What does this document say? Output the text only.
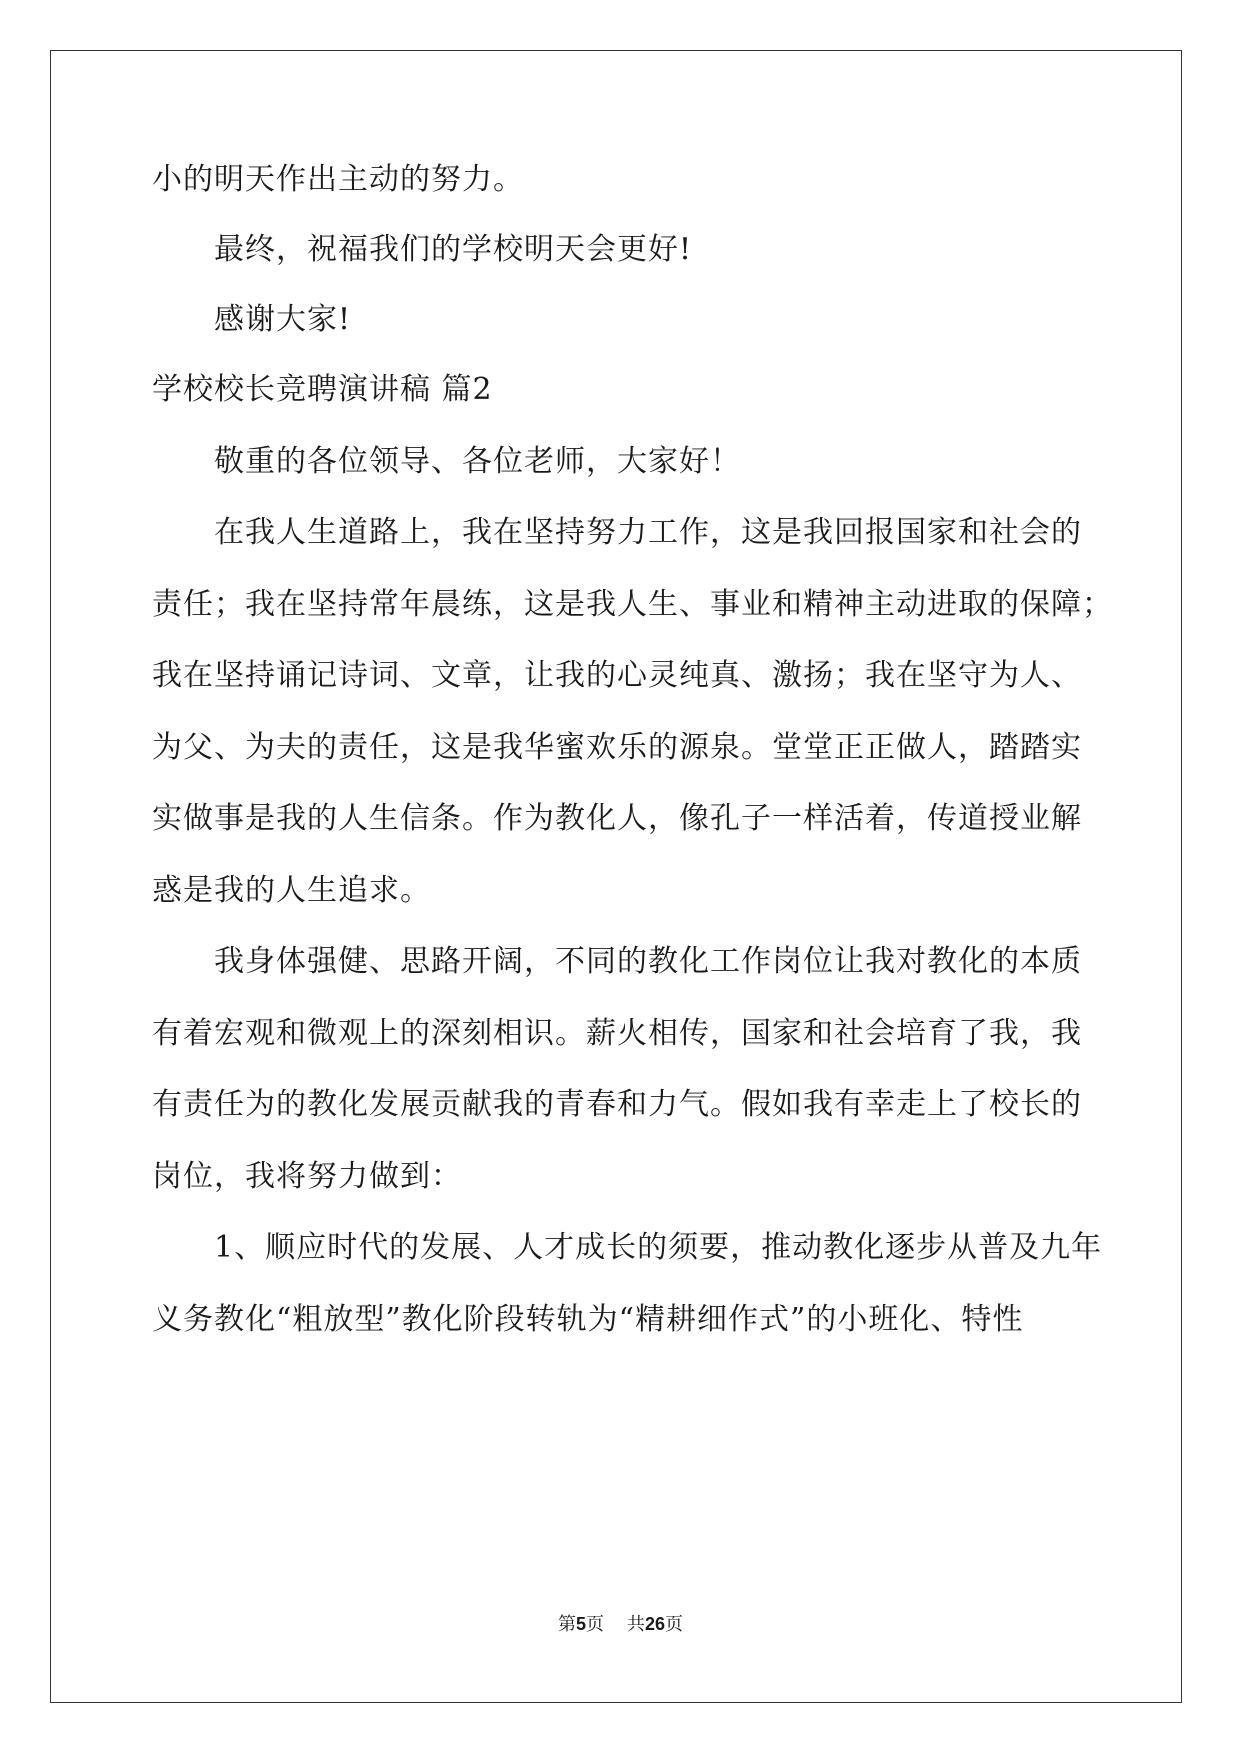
小的明天作出主动的努力。
最终，祝福我们的学校明天会更好!
感谢大家!
学校校长竞聘演讲稿 篇2
敬重的各位领导、各位老师，大家好！
在我人生道路上，我在坚持努力工作，这是我回报国家和社会的
责任；我在坚持常年晨练，这是我人生、事业和精神主动进取的保障；
我在坚持诵记诗词、文章，让我的心灵纯真、激扬；我在坚守为人、
为父、为夫的责任，这是我华蜜欢乐的源泉。堂堂正正做人，踏踏实
实做事是我的人生信条。作为教化人，像孔子一样活着，传道授业解
惑是我的人生追求。
我身体强健、思路开阔，不同的教化工作岗位让我对教化的本质
有着宏观和微观上的深刻相识。薪火相传，国家和社会培育了我，我
有责任为的教化发展贡献我的青春和力气。假如我有幸走上了校长的
岗位，我将努力做到：
1、顺应时代的发展、人才成长的须要，推动教化逐步从普及九年
义务教化“粗放型”教化阶段转轨为“精耕细作式”的小班化、特性
第5页    共26页
